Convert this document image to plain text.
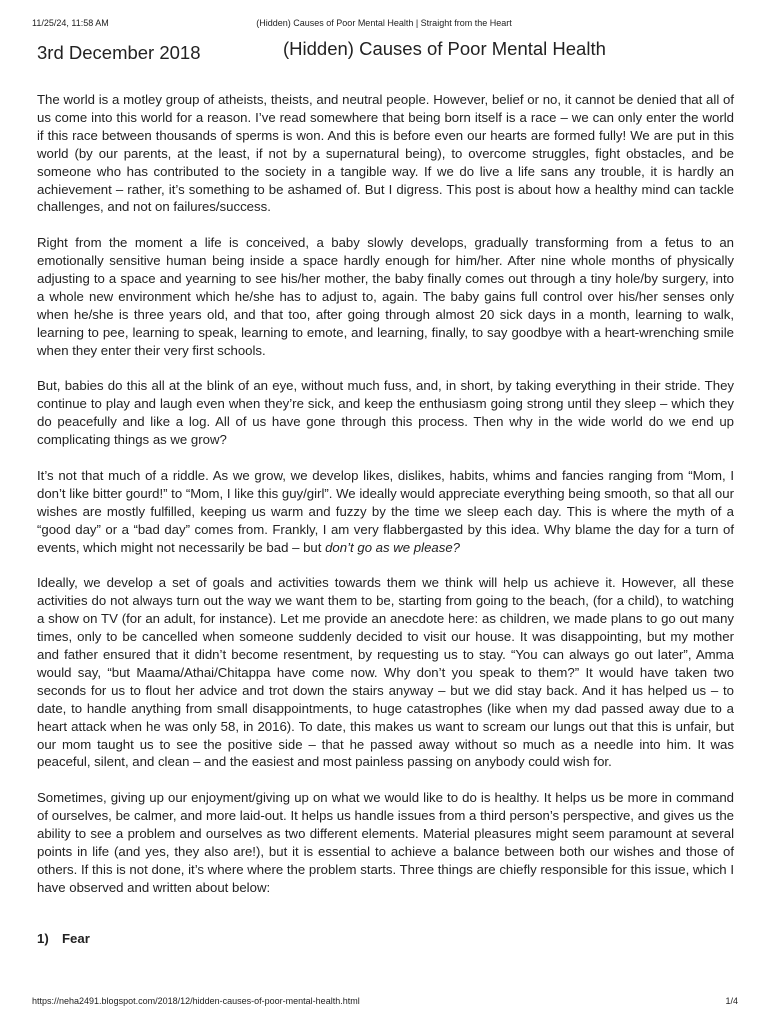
11/25/24, 11:58 AM	(Hidden) Causes of Poor Mental Health | Straight from the Heart
3rd December 2018	(Hidden) Causes of Poor Mental Health

The world is a motley group of atheists, theists, and neutral people. However, belief or no, it cannot be denied that all of us come into this world for a reason. I’ve read somewhere that being born itself is a race – we can only enter the world if this race between thousands of sperms is won. And this is before even our hearts are formed fully! We are put in this world (by our parents, at the least, if not by a supernatural being), to overcome struggles, fight obstacles, and be someone who has contributed to the society in a tangible way. If we do live a life sans any trouble, it is hardly an achievement – rather, it’s something to be ashamed of. But I digress. This post is about how a healthy mind can tackle challenges, and not on failures/success.

Right from the moment a life is conceived, a baby slowly develops, gradually transforming from a fetus to an emotionally sensitive human being inside a space hardly enough for him/her. After nine whole months of physically adjusting to a space and yearning to see his/her mother, the baby finally comes out through a tiny hole/by surgery, into a whole new environment which he/she has to adjust to, again. The baby gains full control over his/her senses only when he/she is three years old, and that too, after going through almost 20 sick days in a month, learning to walk, learning to pee, learning to speak, learning to emote, and learning, finally, to say goodbye with a heart-wrenching smile when they enter their very first schools.

But, babies do this all at the blink of an eye, without much fuss, and, in short, by taking everything in their stride. They continue to play and laugh even when they’re sick, and keep the enthusiasm going strong until they sleep – which they do peacefully and like a log. All of us have gone through this process. Then why in the wide world do we end up complicating things as we grow?

It’s not that much of a riddle. As we grow, we develop likes, dislikes, habits, whims and fancies ranging from “Mom, I don’t like bitter gourd!” to “Mom, I like this guy/girl”. We ideally would appreciate everything being smooth, so that all our wishes are mostly fulfilled, keeping us warm and fuzzy by the time we sleep each day. This is where the myth of a “good day” or a “bad day” comes from. Frankly, I am very flabbergasted by this idea. Why blame the day for a turn of events, which might not necessarily be bad – but don’t go as we please?

Ideally, we develop a set of goals and activities towards them we think will help us achieve it. However, all these activities do not always turn out the way we want them to be, starting from going to the beach, (for a child), to watching a show on TV (for an adult, for instance). Let me provide an anecdote here: as children, we made plans to go out many times, only to be cancelled when someone suddenly decided to visit our house. It was disappointing, but my mother and father ensured that it didn’t become resentment, by requesting us to stay. “You can always go out later”, Amma would say, “but Maama/Athai/Chitappa have come now. Why don’t you speak to them?” It would have taken two seconds for us to flout her advice and trot down the stairs anyway – but we did stay back. And it has helped us – to date, to handle anything from small disappointments, to huge catastrophes (like when my dad passed away due to a heart attack when he was only 58, in 2016). To date, this makes us want to scream our lungs out that this is unfair, but our mom taught us to see the positive side – that he passed away without so much as a needle into him. It was peaceful, silent, and clean – and the easiest and most painless passing on anybody could wish for.

Sometimes, giving up our enjoyment/giving up on what we would like to do is healthy. It helps us be more in command of ourselves, be calmer, and more laid-out. It helps us handle issues from a third person’s perspective, and gives us the ability to see a problem and ourselves as two different elements. Material pleasures might seem paramount at several points in life (and yes, they also are!), but it is essential to achieve a balance between both our wishes and those of others. If this is not done, it’s where where the problem starts. Three things are chiefly responsible for this issue, which I have observed and written about below:

1) Fear
https://neha2491.blogspot.com/2018/12/hidden-causes-of-poor-mental-health.html	1/4
